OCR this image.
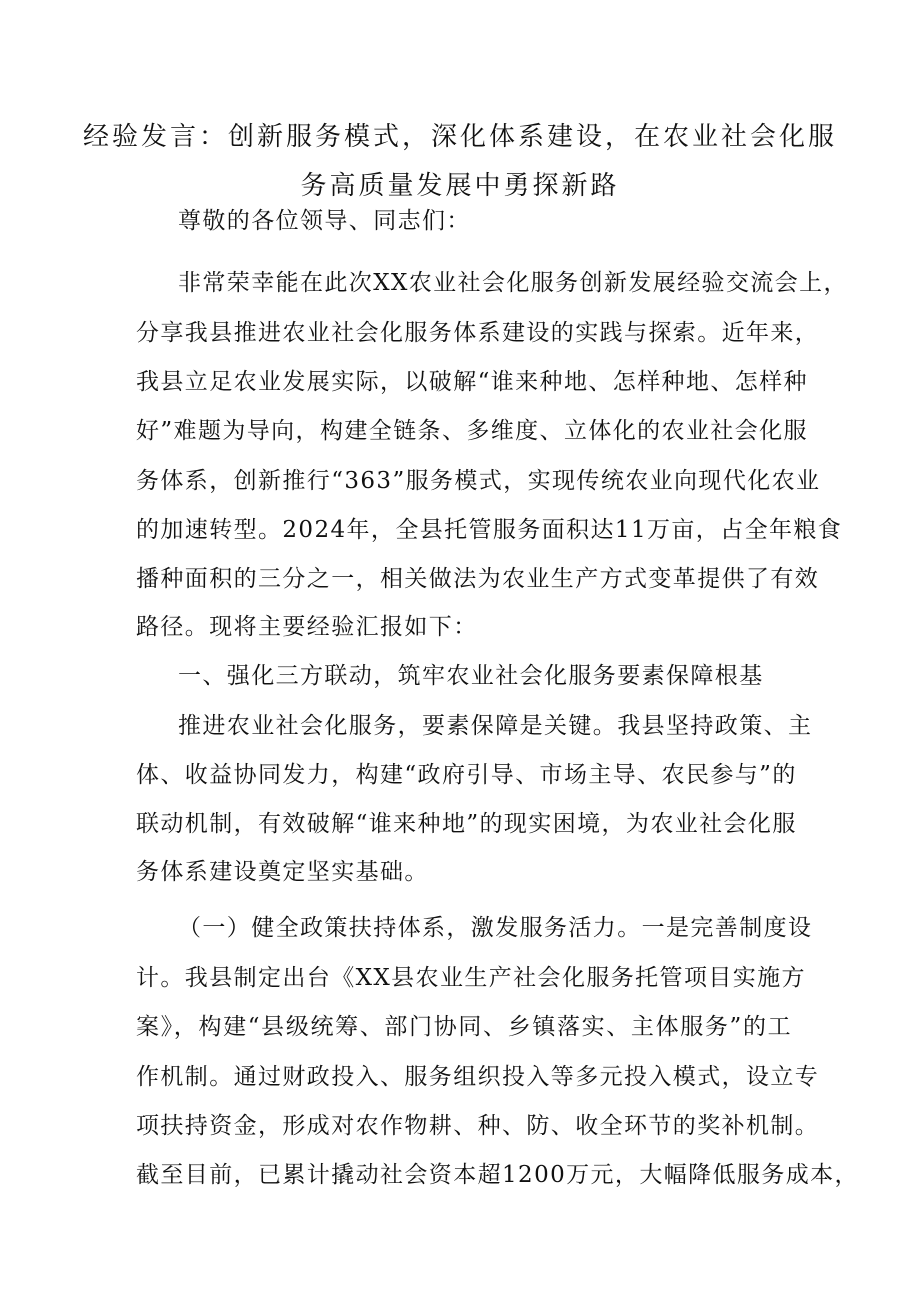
经验发言：创新服务模式，深化体系建设，在农业社会化服
务高质量发展中勇探新路
尊敬的各位领导、同志们：
非常荣幸能在此次XX农业社会化服务创新发展经验交流会上，
分享我县推进农业社会化服务体系建设的实践与探索。近年来，
我县立足农业发展实际，以破解“谁来种地、怎样种地、怎样种
好”难题为导向，构建全链条、多维度、立体化的农业社会化服
务体系，创新推行“363”服务模式，实现传统农业向现代化农业
的加速转型。2024年，全县托管服务面积达11万亩，占全年粮食
播种面积的三分之一，相关做法为农业生产方式变革提供了有效
路径。现将主要经验汇报如下：
一、强化三方联动，筑牢农业社会化服务要素保障根基
推进农业社会化服务，要素保障是关键。我县坚持政策、主
体、收益协同发力，构建“政府引导、市场主导、农民参与”的
联动机制，有效破解“谁来种地”的现实困境，为农业社会化服
务体系建设奠定坚实基础。
（一）健全政策扶持体系，激发服务活力。一是完善制度设
计。我县制定出台《XX县农业生产社会化服务托管项目实施方
案》，构建“县级统筹、部门协同、乡镇落实、主体服务”的工
作机制。通过财政投入、服务组织投入等多元投入模式，设立专
项扶持资金，形成对农作物耕、种、防、收全环节的奖补机制。
截至目前，已累计撬动社会资本超1200万元，大幅降低服务成本，
